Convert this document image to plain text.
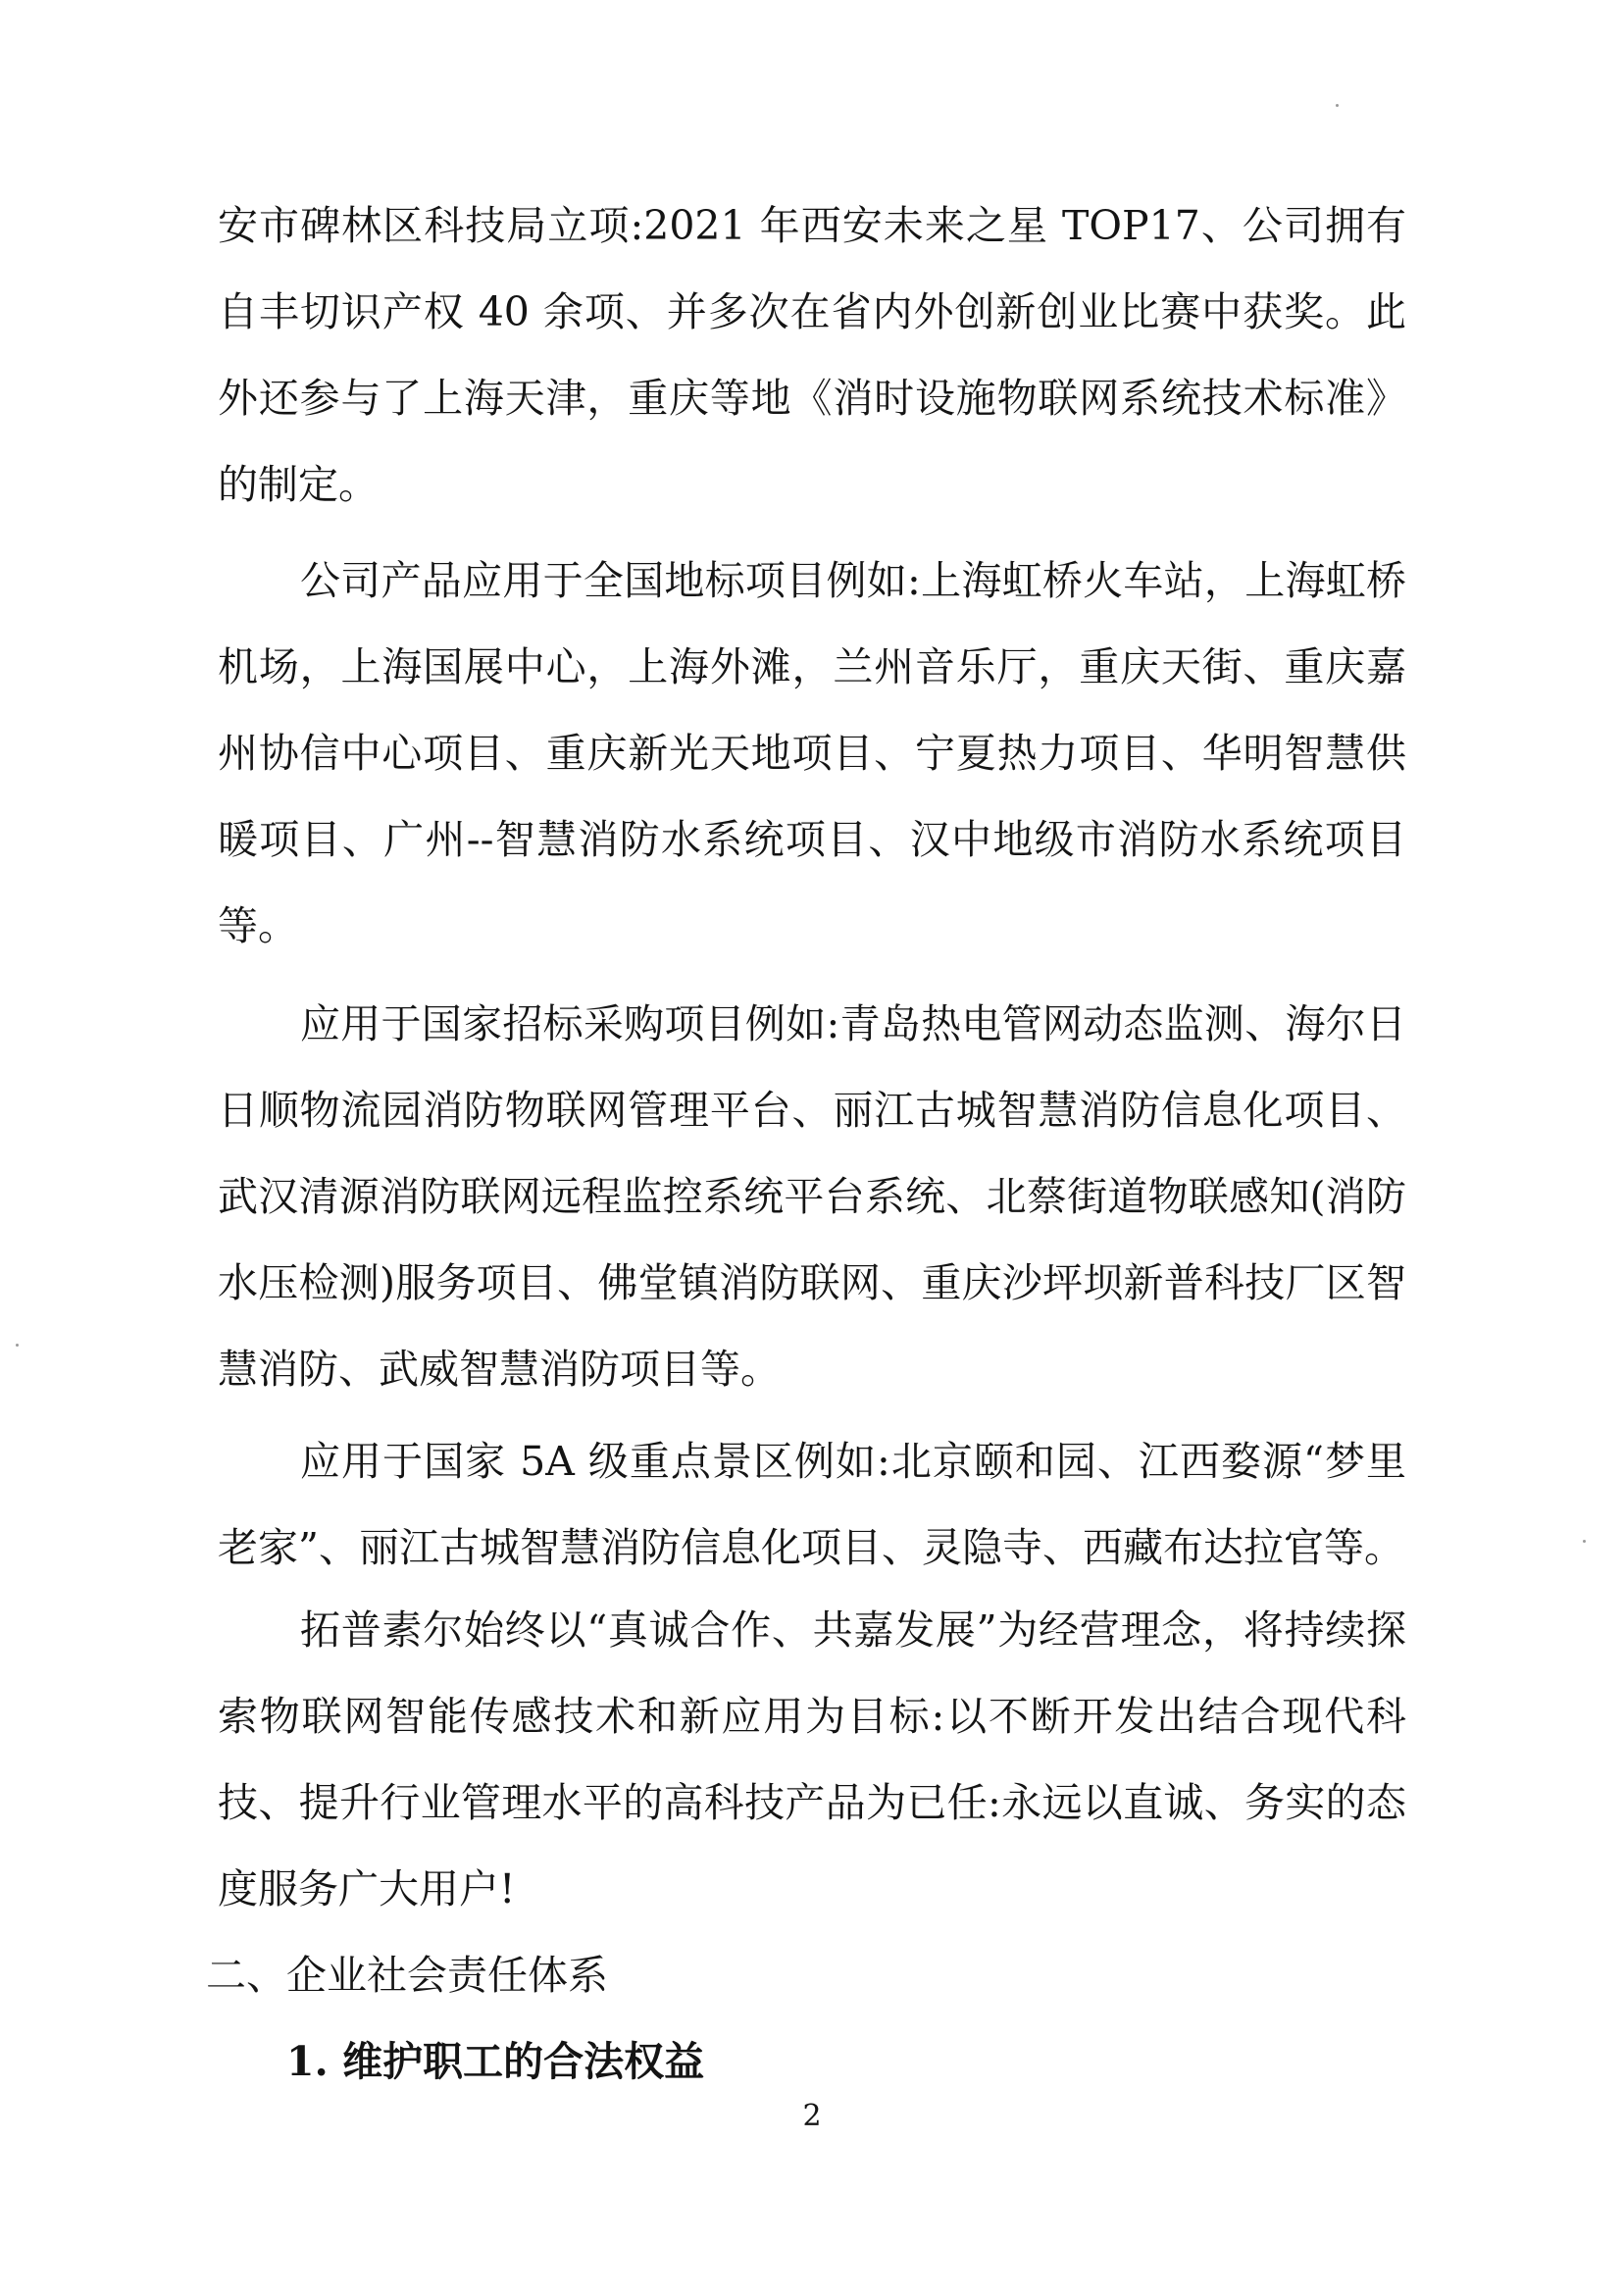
安市碑林区科技局立项:2021 年西安未来之星 TOP17、公司拥有自丰切识产权 40 余项、并多次在省内外创新创业比赛中获奖。此外还参与了上海天津，重庆等地《消时设施物联网系统技术标准》的制定。

公司产品应用于全国地标项目例如:上海虹桥火车站，上海虹桥机场，上海国展中心，上海外滩，兰州音乐厅，重庆天街、重庆嘉州协信中心项目、重庆新光天地项目、宁夏热力项目、华明智慧供暖项目、广州--智慧消防水系统项目、汉中地级市消防水系统项目等。

应用于国家招标采购项目例如:青岛热电管网动态监测、海尔日日顺物流园消防物联网管理平台、丽江古城智慧消防信息化项目、武汉清源消防联网远程监控系统平台系统、北蔡街道物联感知(消防水压检测)服务项目、佛堂镇消防联网、重庆沙坪坝新普科技厂区智慧消防、武威智慧消防项目等。

应用于国家 5A 级重点景区例如:北京颐和园、江西婺源“梦里老家”、丽江古城智慧消防信息化项目、灵隐寺、西藏布达拉官等。

拓普素尔始终以“真诚合作、共嘉发展”为经营理念，将持续探索物联网智能传感技术和新应用为目标:以不断开发出结合现代科技、提升行业管理水平的高科技产品为已任:永远以直诚、务实的态度服务广大用户!

二、企业社会责任体系
1. 维护职工的合法权益
2
